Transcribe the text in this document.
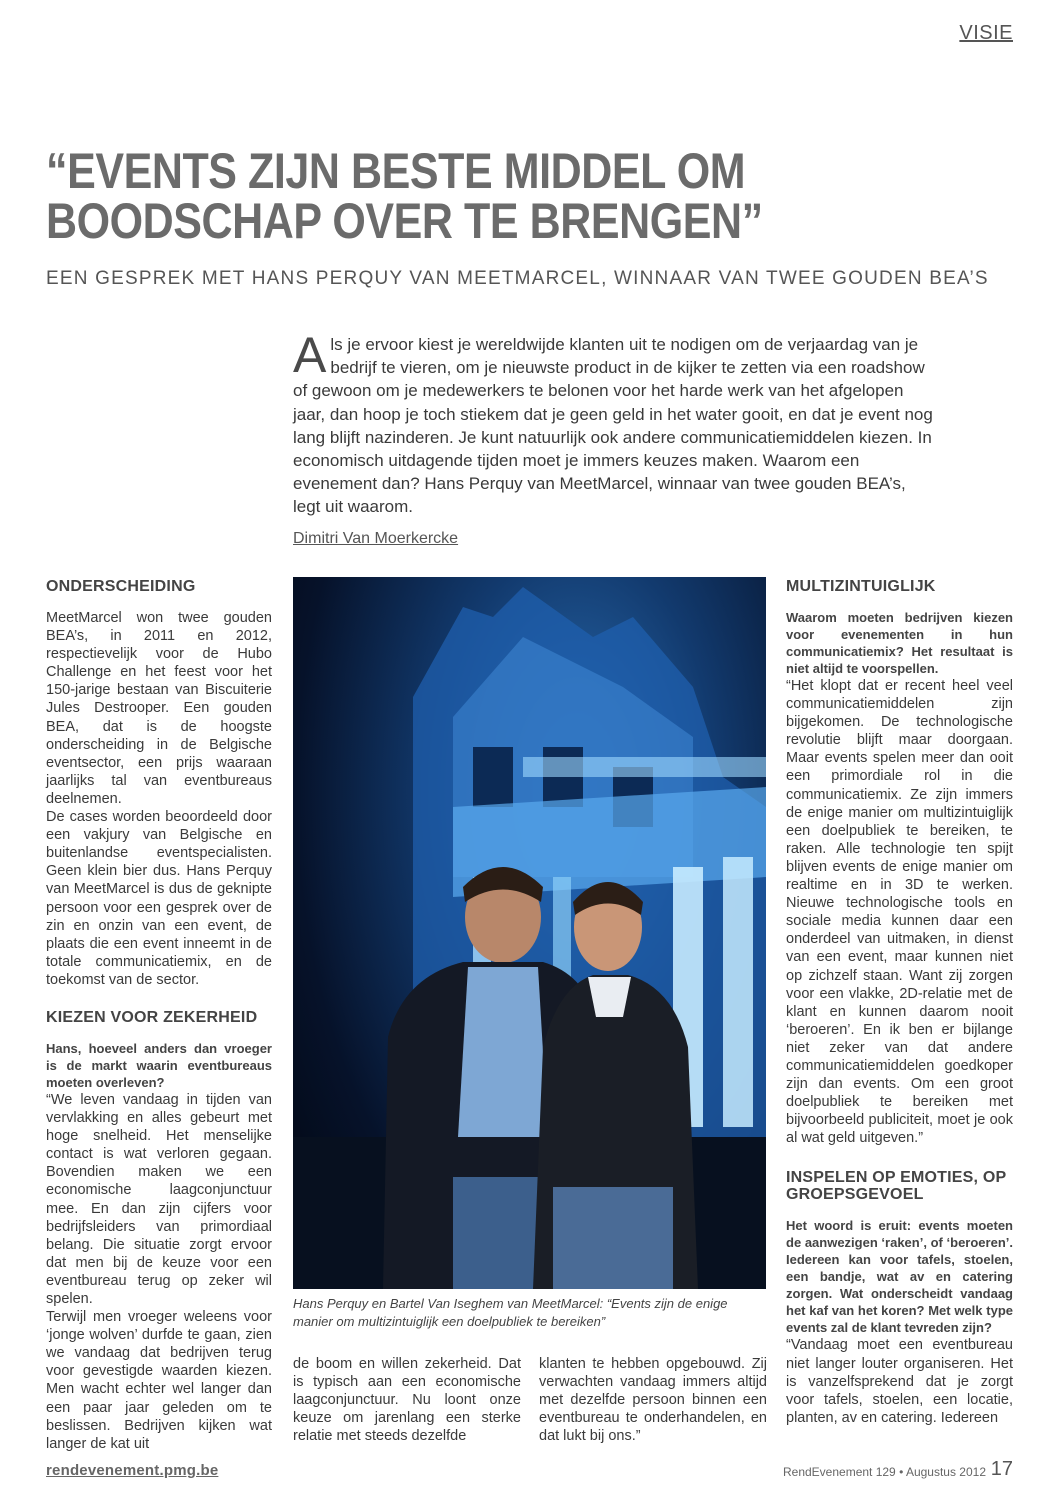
VISIE
“EVENTS ZIJN BESTE MIDDEL OM
BOODSCHAP OVER TE BRENGEN”
EEN GESPREK MET HANS PERQUY VAN MEETMARCEL, WINNAAR VAN TWEE GOUDEN BEA’S

Als je ervoor kiest je wereldwijde klanten uit te nodigen om de verjaardag van je bedrijf te vieren, om je nieuwste product in de kijker te zetten via een roadshow of gewoon om je medewerkers te belonen voor het harde werk van het afgelopen jaar, dan hoop je toch stiekem dat je geen geld in het water gooit, en dat je event nog lang blijft nazinderen. Je kunt natuurlijk ook andere communicatiemiddelen kiezen. In economisch uitdagende tijden moet je immers keuzes maken. Waarom een evenement dan? Hans Perquy van MeetMarcel, winnaar van twee gouden BEA’s, legt uit waarom.

Dimitri Van Moerkercke
ONDERSCHEIDING

MeetMarcel won twee gouden BEA’s, in 2011 en 2012, respectievelijk voor de Hubo Challenge en het feest voor het 150-jarige bestaan van Biscuiterie Jules Destrooper. Een gouden BEA, dat is de hoogste onderscheiding in de Belgische eventsector, een prijs waaraan jaarlijks tal van eventbureaus deelnemen.

De cases worden beoordeeld door een vakjury van Belgische en buitenlandse eventspecialisten. Geen klein bier dus. Hans Perquy van MeetMarcel is dus de geknipte persoon voor een gesprek over de zin en onzin van een event, de plaats die een event inneemt in de totale communicatiemix, en de toekomst van de sector.

KIEZEN VOOR ZEKERHEID

Hans, hoeveel anders dan vroeger is de markt waarin eventbureaus moeten overleven?

“We leven vandaag in tijden van vervlakking en alles gebeurt met hoge snelheid. Het menselijke contact is wat verloren gegaan. Bovendien maken we een economische laagconjunctuur mee. En dan zijn cijfers voor bedrijfsleiders van primordiaal belang. Die situatie zorgt ervoor dat men bij de keuze voor een eventbureau terug op zeker wil spelen.

Terwijl men vroeger weleens voor ‘jonge wolven’ durfde te gaan, zien we vandaag dat bedrijven terug voor gevestigde waarden kiezen. Men wacht echter wel langer dan een paar jaar geleden om te beslissen. Bedrijven kijken wat langer de kat uit

Hans Perquy en Bartel Van Iseghem van MeetMarcel: “Events zijn de enige manier om multizintuiglijk een doelpubliek te bereiken”

de boom en willen zekerheid. Dat is typisch aan een economische laagconjunctuur. Nu loont onze keuze om jarenlang een sterke relatie met steeds dezelfde

klanten te hebben opgebouwd. Zij verwachten vandaag immers altijd met dezelfde persoon binnen een eventbureau te onderhandelen, en dat lukt bij ons.”

MULTIZINTUIGLIJK

Waarom moeten bedrijven kiezen voor evenementen in hun communicatiemix? Het resultaat is niet altijd te voorspellen.

“Het klopt dat er recent heel veel communicatiemiddelen zijn bijgekomen. De technologische revolutie blijft maar doorgaan. Maar events spelen meer dan ooit een primordiale rol in die communicatiemix. Ze zijn immers de enige manier om multizintuiglijk een doelpubliek te bereiken, te raken. Alle technologie ten spijt blijven events de enige manier om realtime en in 3D te werken. Nieuwe technologische tools en sociale media kunnen daar een onderdeel van uitmaken, in dienst van een event, maar kunnen niet op zichzelf staan. Want zij zorgen voor een vlakke, 2D-relatie met de klant en kunnen daarom nooit ‘beroeren’. En ik ben er bijlange niet zeker van dat andere communicatiemiddelen goedkoper zijn dan events. Om een groot doelpubliek te bereiken met bijvoorbeeld publiciteit, moet je ook al wat geld uitgeven.”

INSPELEN OP EMOTIES, OP GROEPSGEVOEL

Het woord is eruit: events moeten de aanwezigen ‘raken’, of ‘beroeren’. Iedereen kan voor tafels, stoelen, een bandje, wat av en catering zorgen. Wat onderscheidt vandaag het kaf van het koren? Met welk type events zal de klant tevreden zijn?

“Vandaag moet een eventbureau niet langer louter organiseren. Het is vanzelfsprekend dat je zorgt voor tafels, stoelen, een locatie, planten, av en catering. Iedereen

rendevenement.pmg.be	RendEvenement 129 • Augustus 2012 17
